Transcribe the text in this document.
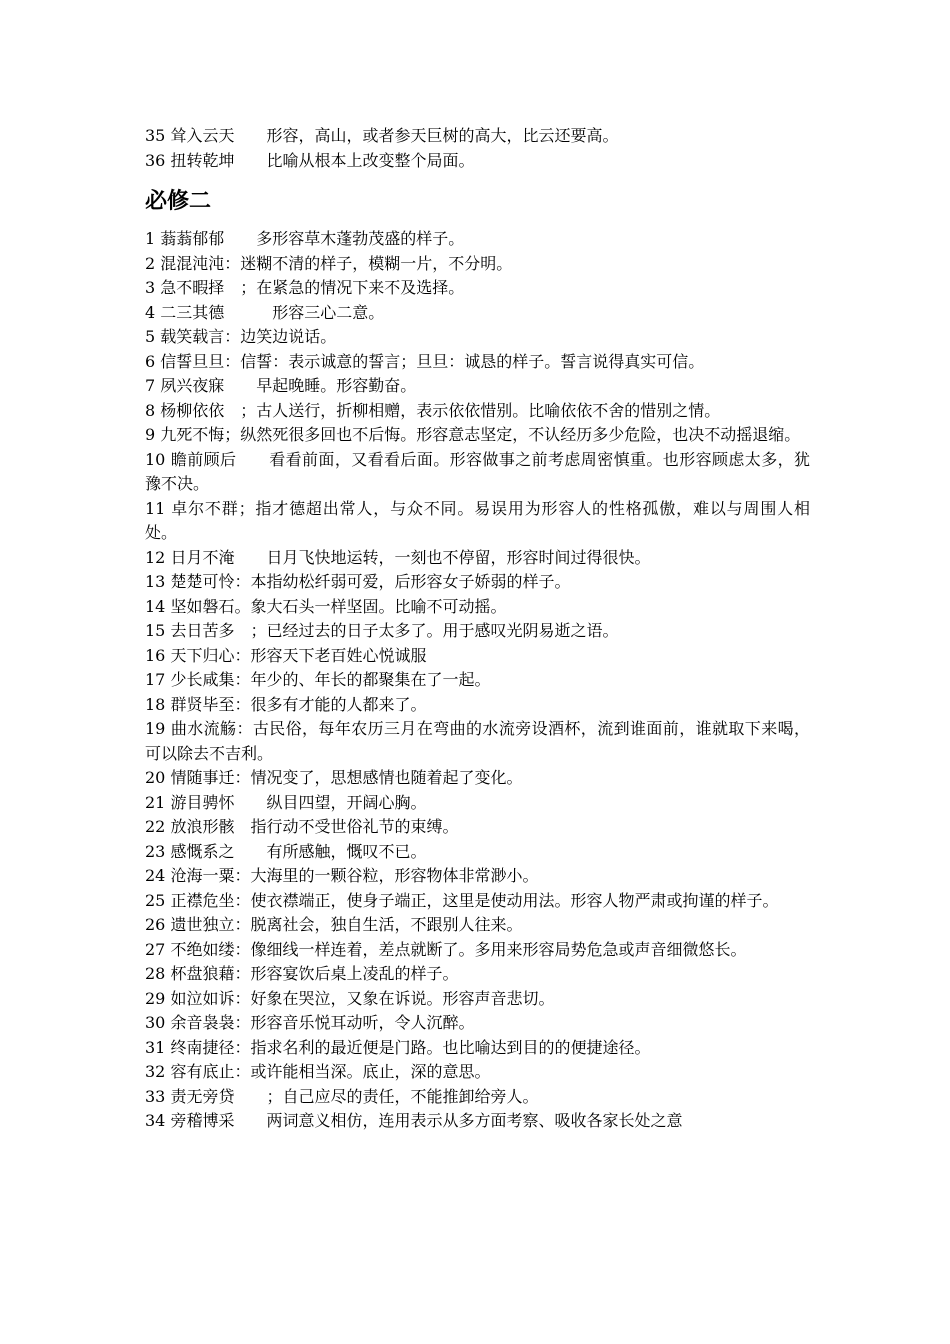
35 耸入云天　　形容，高山，或者参天巨树的高大，比云还要高。

36 扭转乾坤　　比喻从根本上改变整个局面。

必修二

1 蓊蓊郁郁　　多形容草木蓬勃茂盛的样子。

2 混混沌沌：迷糊不清的样子，模糊一片，不分明。

3 急不暇择　；在紧急的情况下来不及选择。

4 二三其德　　　形容三心二意。

5 载笑载言：边笑边说话。

6 信誓旦旦：信誓：表示诚意的誓言；旦旦：诚恳的样子。誓言说得真实可信。

7 夙兴夜寐　　早起晚睡。形容勤奋。

8 杨柳依依　；古人送行，折柳相赠，表示依依惜别。比喻依依不舍的惜别之情。

9 九死不悔；纵然死很多回也不后悔。形容意志坚定，不认经历多少危险，也决不动摇退缩。

10 瞻前顾后　　看看前面，又看看后面。形容做事之前考虑周密慎重。也形容顾虑太多，犹豫不决。

11 卓尔不群；指才德超出常人，与众不同。易误用为形容人的性格孤傲，难以与周围人相处。

12 日月不淹　　日月飞快地运转，一刻也不停留，形容时间过得很快。

13 楚楚可怜：本指幼松纤弱可爱，后形容女子娇弱的样子。

14 坚如磐石。象大石头一样坚固。比喻不可动摇。

15 去日苦多　；已经过去的日子太多了。用于感叹光阴易逝之语。

16 天下归心：形容天下老百姓心悦诚服

17 少长咸集：年少的、年长的都聚集在了一起。

18 群贤毕至：很多有才能的人都来了。

19 曲水流觞：古民俗，每年农历三月在弯曲的水流旁设酒杯，流到谁面前，谁就取下来喝，可以除去不吉利。

20 情随事迁：情况变了，思想感情也随着起了变化。

21 游目骋怀　　纵目四望，开阔心胸。

22 放浪形骸　指行动不受世俗礼节的束缚。

23 感慨系之　　有所感触，慨叹不已。

24 沧海一粟：大海里的一颗谷粒，形容物体非常渺小。

25 正襟危坐：使衣襟端正，使身子端正，这里是使动用法。形容人物严肃或拘谨的样子。

26 遗世独立：脱离社会，独自生活，不跟别人往来。

27 不绝如缕：像细线一样连着，差点就断了。多用来形容局势危急或声音细微悠长。

28 杯盘狼藉：形容宴饮后桌上凌乱的样子。

29 如泣如诉：好象在哭泣，又象在诉说。形容声音悲切。

30 余音袅袅：形容音乐悦耳动听，令人沉醉。

31 终南捷径：指求名利的最近便是门路。也比喻达到目的的便捷途径。

32 容有底止：或许能相当深。底止，深的意思。

33 责无旁贷　　；自己应尽的责任，不能推卸给旁人。

34 旁稽博采　　两词意义相仿，连用表示从多方面考察、吸收各家长处之意
